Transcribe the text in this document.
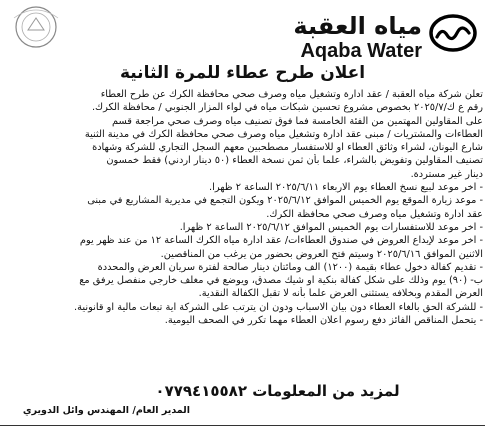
مياه العقبة
Aqaba Water
اعلان طرح عطاء للمرة الثانية
تعلن شركة مياه العقبة / عقد ادارة وتشغيل مياه وصرف صحي محافظة الكرك عن طرح العطاء
رقم ع ك/٢٠٢٥/٧ بخصوص مشروع تحسين شبكات مياه في لواء المزار الجنوبي / محافظة الكرك.
على المقاولين المهتمين من الفئة الخامسة فما فوق تصنيف مياه وصرف صحي مراجعة قسم
العطاءات والمشتريات / مبنى عقد ادارة وتشغيل مياه وصرف صحي محافظة الكرك في مدينة الثنية
شارع اليونان، لشراء وثائق العطاء او للاستفسار مصطحبين معهم السجل التجاري للشركة وشهادة
تصنيف المقاولين وتفويض بالشراء، علما بأن ثمن نسخة العطاء (٥٠ دينار اردني) فقط خمسون
دينار غير مستردة.
- اخر موعد لبيع نسخ العطاء يوم الاربعاء ٢٠٢٥/٦/١١ الساعة ٢ ظهرا.
- موعد زيارة الموقع يوم الخميس الموافق ٢٠٢٥/٦/١٢ ويكون التجمع في مديرية المشاريع في مبنى
عقد ادارة وتشغيل مياه وصرف صحي محافظة الكرك.
- اخر موعد للاستفسارات يوم الخميس الموافق ٢٠٢٥/٦/١٢ الساعة ٢ ظهرا.
- اخر موعد لإيداع العروض في صندوق العطاءات/ عقد ادارة مياه الكرك الساعة ١٢ من عند ظهر يوم
الاثنين الموافق ٢٠٢٥/٦/١٦ وسيتم فتح العروض بحضور من يرغب من المناقصين.
- تقديم كفالة دخول عطاء بقيمة (١٢٠٠) الف ومائتان دينار صالحة لفترة سريان العرض والمحددة
ب- (٩٠) يوم وذلك على شكل كفالة بنكية او شيك مصدق، ويوضع في مغلف خارجي منفصل يرفق مع
العرض المقدم وبخلافه يستثنى العرض علما بأنه لا تقبل الكفالة النقدية.
- للشركة الحق بالغاء العطاء دون بيان الاسباب ودون ان يترتب على الشركة اية تبعات مالية او قانونية.
- يتحمل المناقص الفائز دفع رسوم اعلان العطاء مهما تكرر في الصحف اليومية.
لمزيد من المعلومات ٠٧٧٩٤١٥٥٨٢
المدير العام/ المهندس وائل الدويري
